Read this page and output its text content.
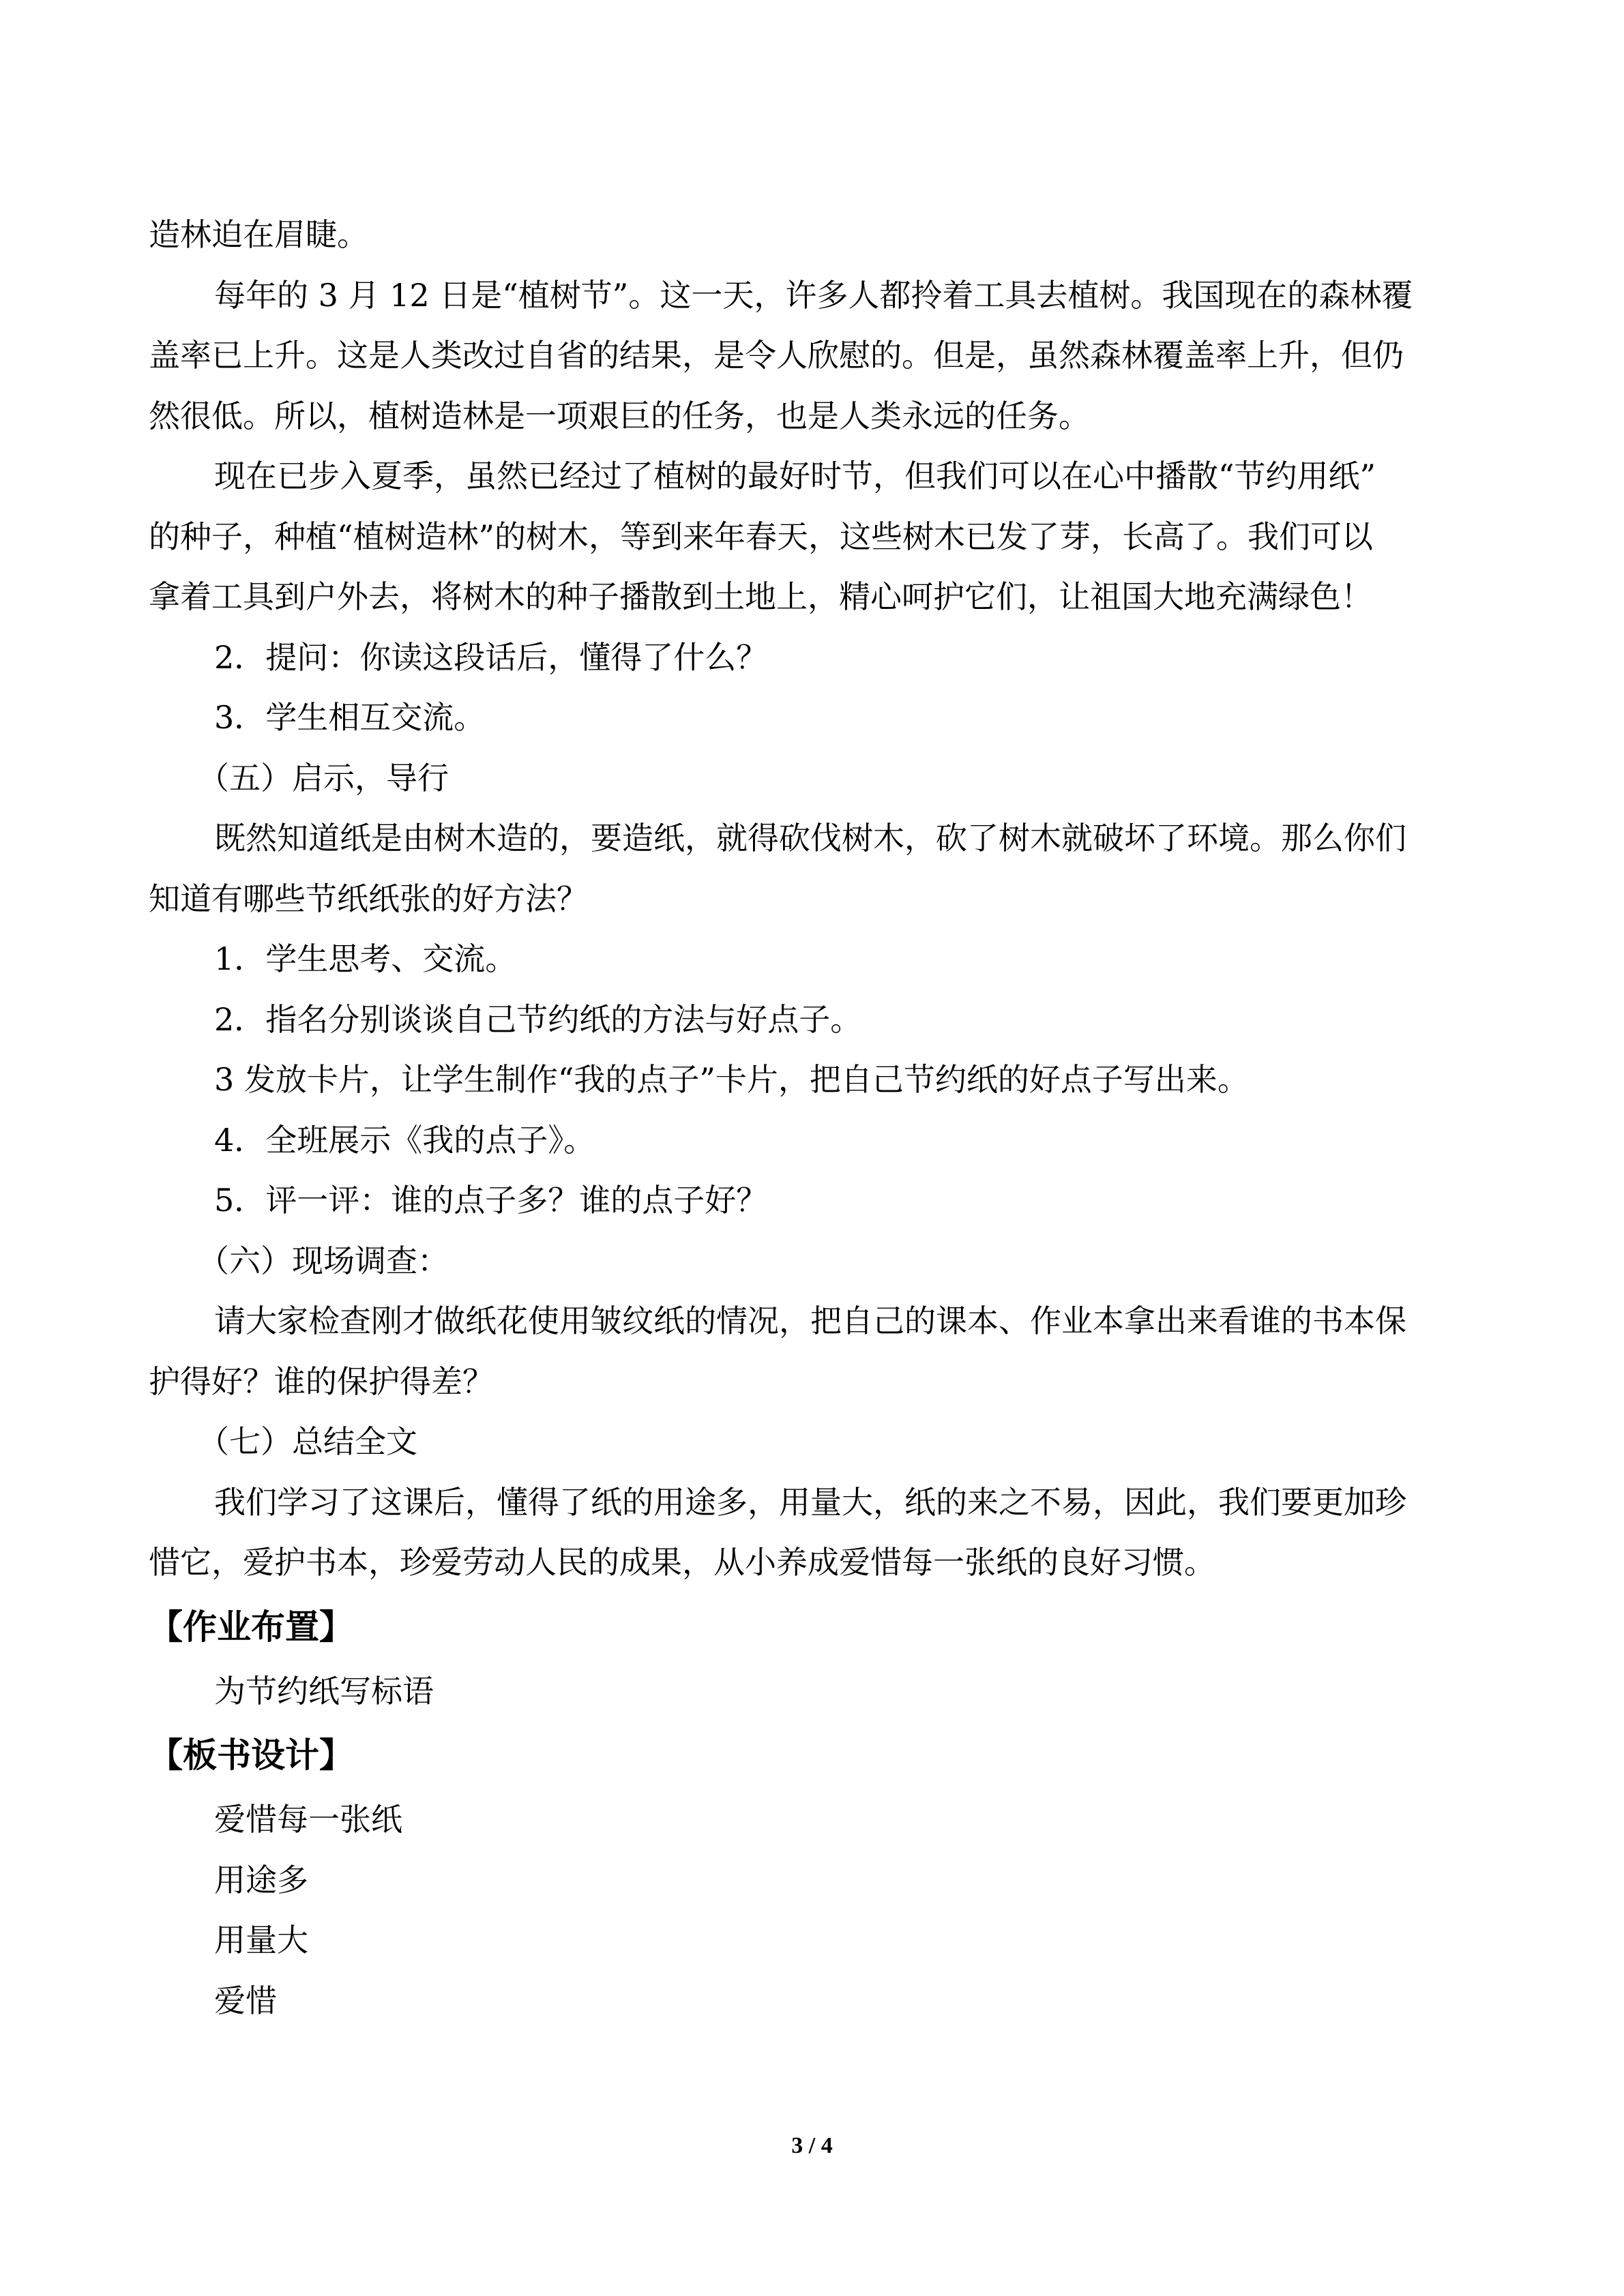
造林迫在眉睫。

每年的 3 月 12 日是“植树节”。这一天，许多人都拎着工具去植树。我国现在的森林覆

盖率已上升。这是人类改过自省的结果，是令人欣慰的。但是，虽然森林覆盖率上升，但仍

然很低。所以，植树造林是一项艰巨的任务，也是人类永远的任务。

现在已步入夏季，虽然已经过了植树的最好时节，但我们可以在心中播散“节约用纸”

的种子，种植“植树造林”的树木，等到来年春天，这些树木已发了芽，长高了。我们可以

拿着工具到户外去，将树木的种子播散到土地上，精心呵护它们，让祖国大地充满绿色！

2．提问：你读这段话后，懂得了什么？

3．学生相互交流。

（五）启示，导行

既然知道纸是由树木造的，要造纸，就得砍伐树木，砍了树木就破坏了环境。那么你们

知道有哪些节纸纸张的好方法？

1．学生思考、交流。

2．指名分别谈谈自己节约纸的方法与好点子。

3 发放卡片，让学生制作“我的点子”卡片，把自己节约纸的好点子写出来。

4．全班展示《我的点子》。

5．评一评：谁的点子多？谁的点子好？

（六）现场调查：

请大家检查刚才做纸花使用皱纹纸的情况，把自己的课本、作业本拿出来看谁的书本保

护得好？谁的保护得差？

（七）总结全文

我们学习了这课后，懂得了纸的用途多，用量大，纸的来之不易，因此，我们要更加珍

惜它，爱护书本，珍爱劳动人民的成果，从小养成爱惜每一张纸的良好习惯。

【作业布置】

为节约纸写标语

【板书设计】

爱惜每一张纸

用途多

用量大

爱惜

3 / 4
